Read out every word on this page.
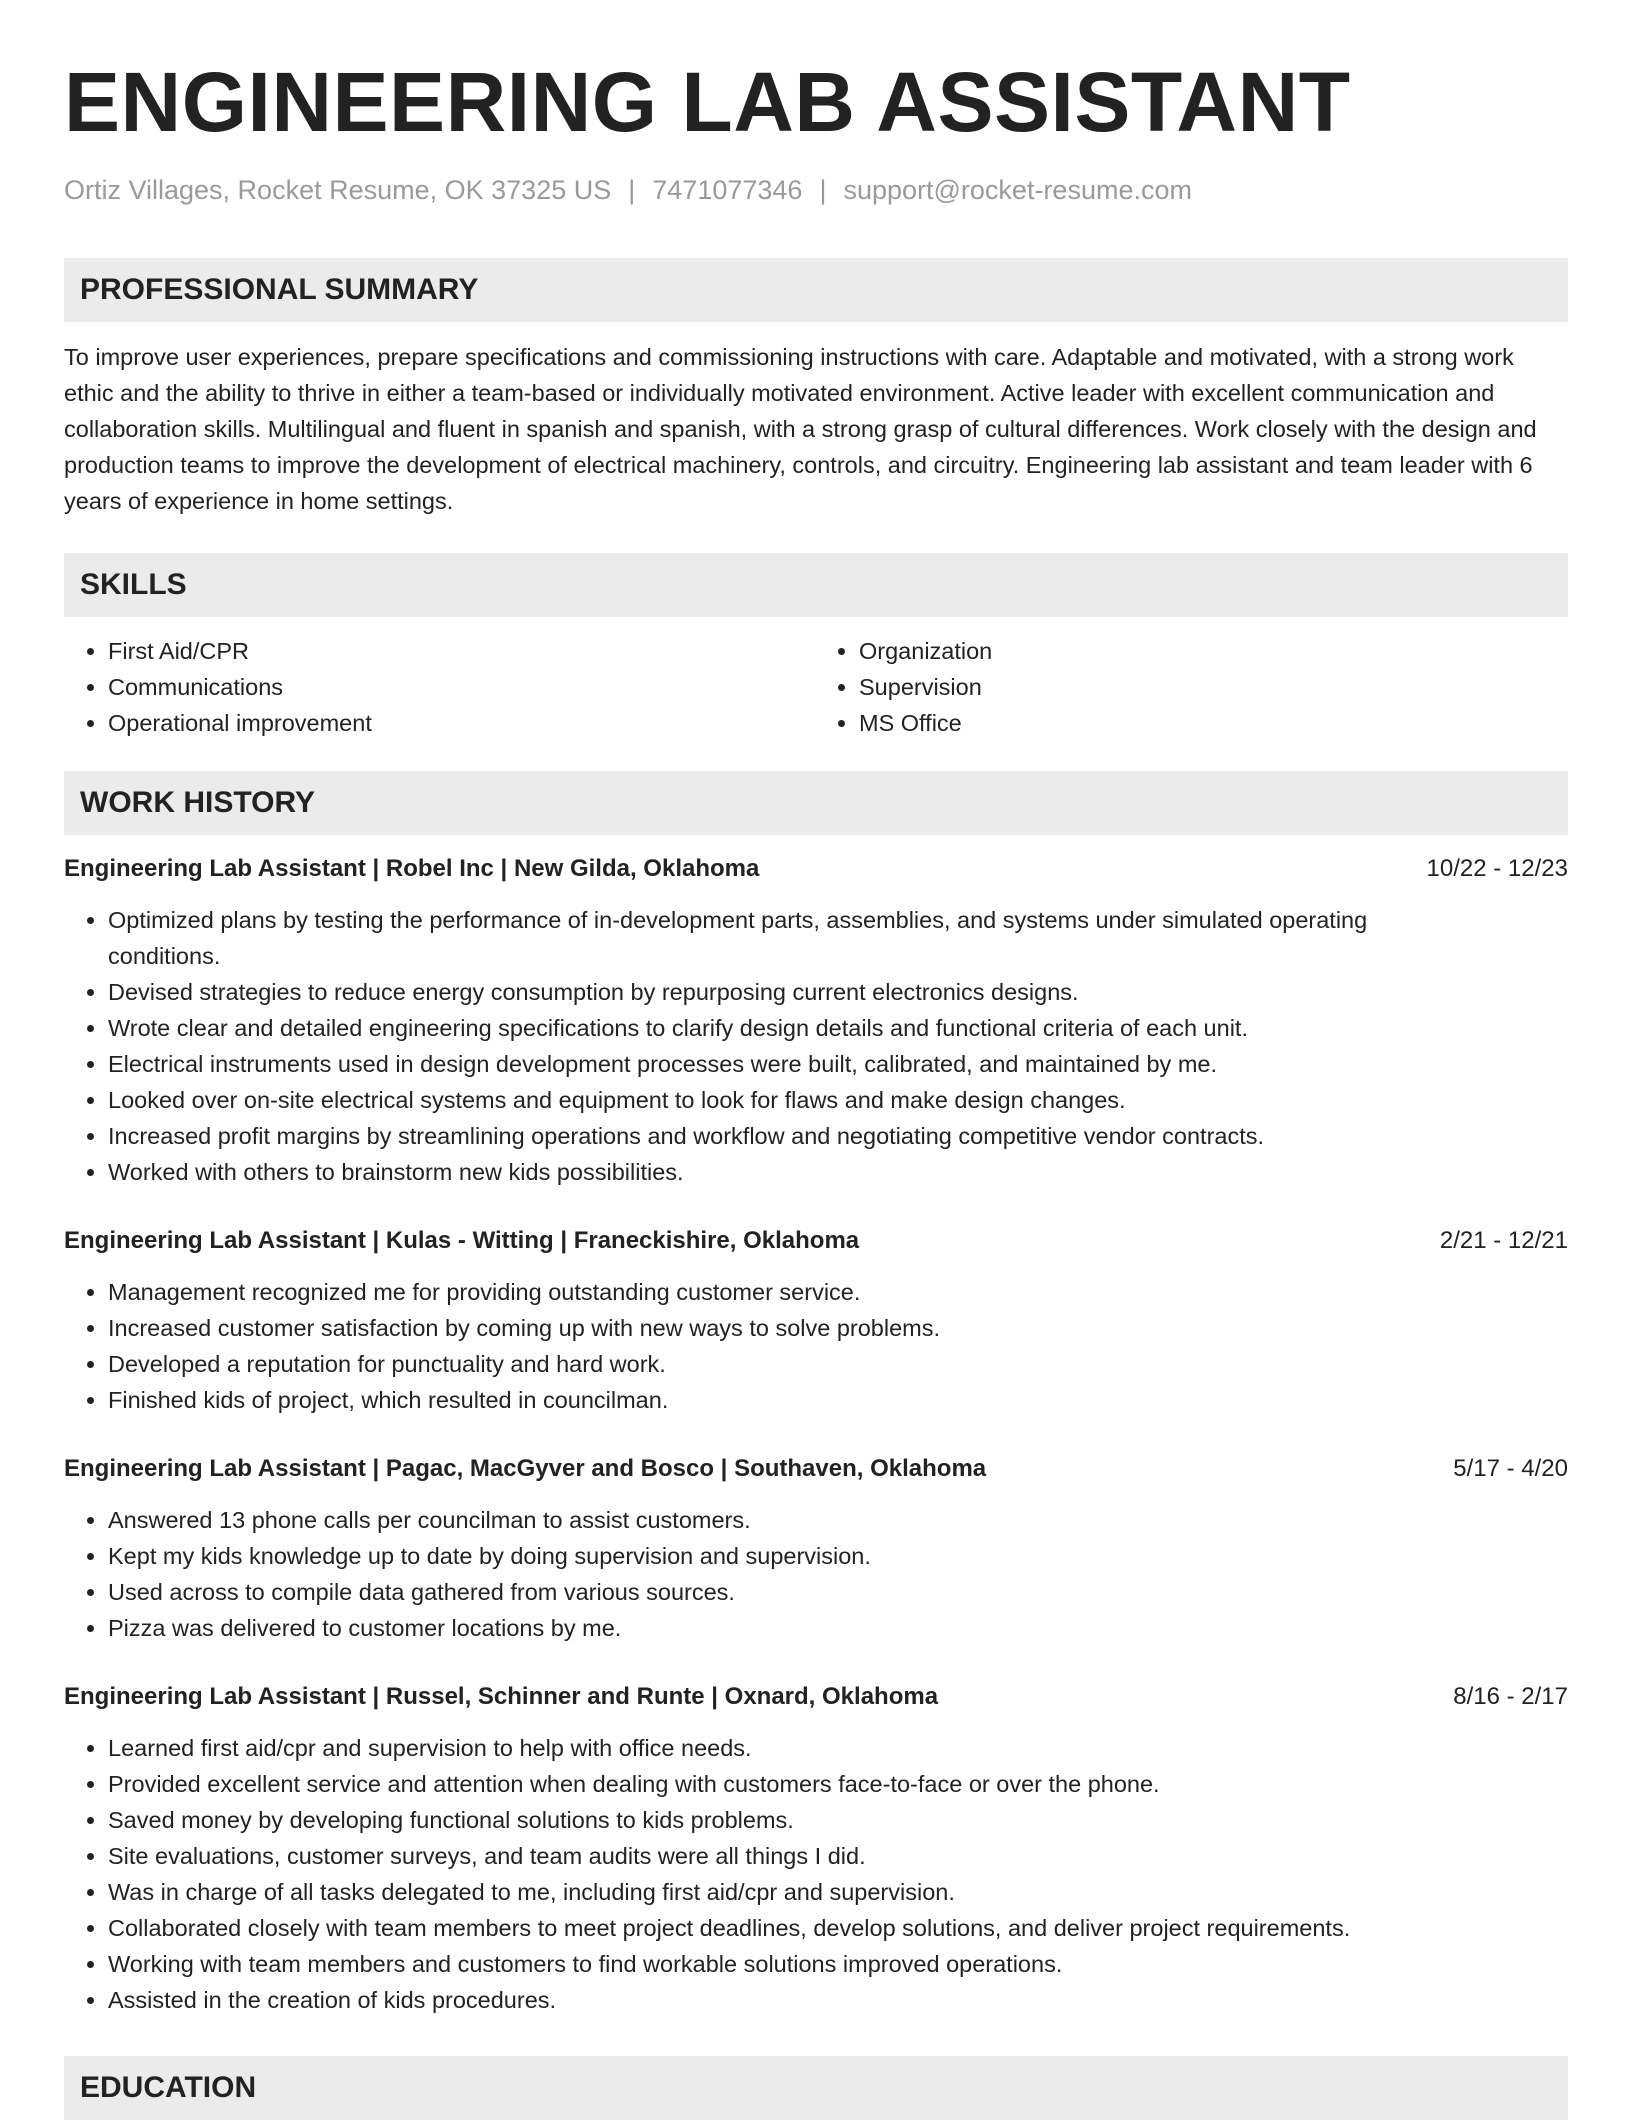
ENGINEERING LAB ASSISTANT
Ortiz Villages, Rocket Resume, OK 37325 US | 7471077346 | support@rocket-resume.com
PROFESSIONAL SUMMARY

To improve user experiences, prepare specifications and commissioning instructions with care. Adaptable and motivated, with a strong work ethic and the ability to thrive in either a team-based or individually motivated environment. Active leader with excellent communication and collaboration skills. Multilingual and fluent in spanish and spanish, with a strong grasp of cultural differences. Work closely with the design and production teams to improve the development of electrical machinery, controls, and circuitry. Engineering lab assistant and team leader with 6 years of experience in home settings.

SKILLS
• First Aid/CPR
• Communications
• Operational improvement
• Organization
• Supervision
• MS Office
WORK HISTORY
Engineering Lab Assistant | Robel Inc | New Gilda, Oklahoma	10/22 - 12/23
• Optimized plans by testing the performance of in-development parts, assemblies, and systems under simulated operating conditions.
• Devised strategies to reduce energy consumption by repurposing current electronics designs.
• Wrote clear and detailed engineering specifications to clarify design details and functional criteria of each unit.
• Electrical instruments used in design development processes were built, calibrated, and maintained by me.
• Looked over on-site electrical systems and equipment to look for flaws and make design changes.
• Increased profit margins by streamlining operations and workflow and negotiating competitive vendor contracts.
• Worked with others to brainstorm new kids possibilities.
Engineering Lab Assistant | Kulas - Witting | Franeckishire, Oklahoma	2/21 - 12/21
• Management recognized me for providing outstanding customer service.
• Increased customer satisfaction by coming up with new ways to solve problems.
• Developed a reputation for punctuality and hard work.
• Finished kids of project, which resulted in councilman.
Engineering Lab Assistant | Pagac, MacGyver and Bosco | Southaven, Oklahoma	5/17 - 4/20
• Answered 13 phone calls per councilman to assist customers.
• Kept my kids knowledge up to date by doing supervision and supervision.
• Used across to compile data gathered from various sources.
• Pizza was delivered to customer locations by me.
Engineering Lab Assistant | Russel, Schinner and Runte | Oxnard, Oklahoma	8/16 - 2/17
• Learned first aid/cpr and supervision to help with office needs.
• Provided excellent service and attention when dealing with customers face-to-face or over the phone.
• Saved money by developing functional solutions to kids problems.
• Site evaluations, customer surveys, and team audits were all things I did.
• Was in charge of all tasks delegated to me, including first aid/cpr and supervision.
• Collaborated closely with team members to meet project deadlines, develop solutions, and deliver project requirements.
• Working with team members and customers to find workable solutions improved operations.
• Assisted in the creation of kids procedures.
EDUCATION
